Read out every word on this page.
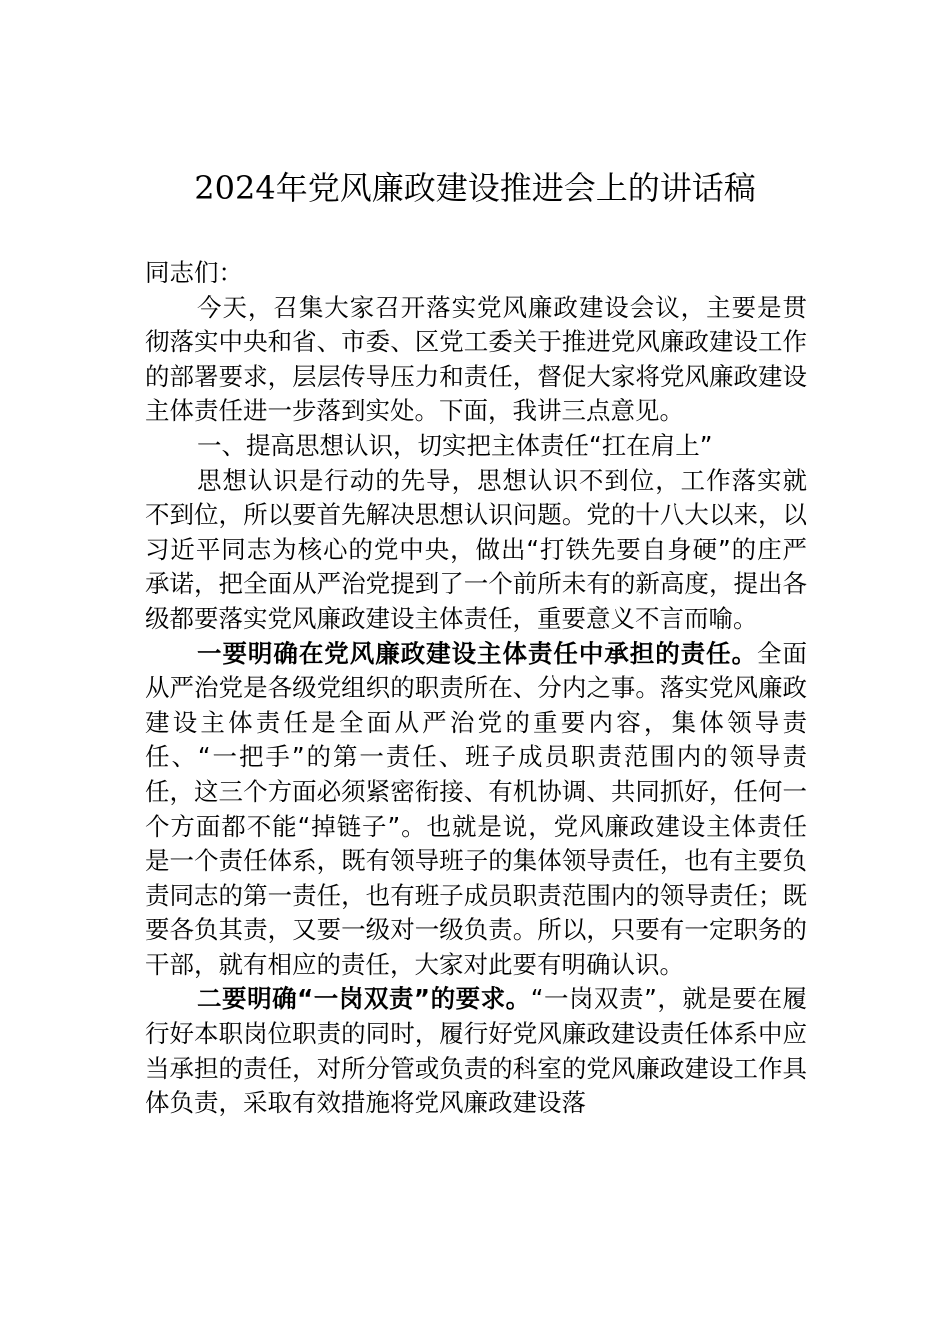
2024年党风廉政建设推进会上的讲话稿

同志们：

今天，召集大家召开落实党风廉政建设会议，主要是贯彻落实中央和省、市委、区党工委关于推进党风廉政建设工作的部署要求，层层传导压力和责任，督促大家将党风廉政建设主体责任进一步落到实处。下面，我讲三点意见。

一、提高思想认识，切实把主体责任“扛在肩上”

思想认识是行动的先导，思想认识不到位，工作落实就不到位，所以要首先解决思想认识问题。党的十八大以来，以习近平同志为核心的党中央，做出“打铁先要自身硬”的庄严承诺，把全面从严治党提到了一个前所未有的新高度，提出各级都要落实党风廉政建设主体责任，重要意义不言而喻。

一要明确在党风廉政建设主体责任中承担的责任。全面从严治党是各级党组织的职责所在、分内之事。落实党风廉政建设主体责任是全面从严治党的重要内容，集体领导责任、“一把手”的第一责任、班子成员职责范围内的领导责任，这三个方面必须紧密衔接、有机协调、共同抓好，任何一个方面都不能“掉链子”。也就是说，党风廉政建设主体责任是一个责任体系，既有领导班子的集体领导责任，也有主要负责同志的第一责任，也有班子成员职责范围内的领导责任；既要各负其责，又要一级对一级负责。所以，只要有一定职务的干部，就有相应的责任，大家对此要有明确认识。

二要明确“一岗双责”的要求。“一岗双责”，就是要在履行好本职岗位职责的同时，履行好党风廉政建设责任体系中应当承担的责任，对所分管或负责的科室的党风廉政建设工作具体负责，采取有效措施将党风廉政建设落
